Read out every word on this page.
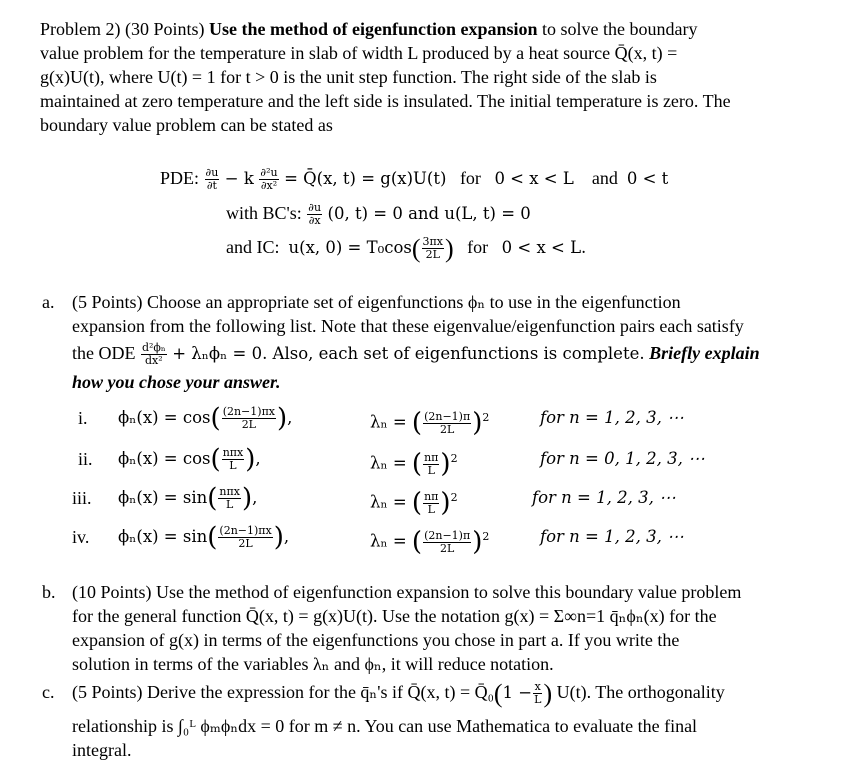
Problem 2) (30 Points) Use the method of eigenfunction expansion to solve the boundary
value problem for the temperature in slab of width L produced by a heat source Q̄(x, t) =
g(x)U(t), where U(t) = 1 for t > 0 is the unit step function. The right side of the slab is
maintained at zero temperature and the left side is insulated. The initial temperature is zero. The
boundary value problem can be stated as
PDE: $\frac{\partial u}{\partial t} - k \frac{\text{∂²u}}{\text{∂x²}}$ = Q̄(x, t) = g(x)U(t) for 0 < x < L and 0 < t
with BC's: $\frac{\partial u}{\partial x} (0$, t) = 0 and u(L, t) = 0
and IC: u(x, $0) = T_0\cos( \frac{3\pi x}{2L}$ ) for 0 < x < L.
a. (5 Points) Choose an appropriate set of eigenfunctions ϕₙ to use in the eigenfunction
expansion from the following list. Note that these eigenvalue/eigenfunction pairs each satisfy
the ODE $\frac{\text{d²ϕₙ}}{\text{dx²}} + \lambda_n\phi_n = 0$. Also, each set of eigenfunctions is complete. Briefly explain
how you chose your answer.
i. $\phi_n(x) = \cos( \frac{(2n-1)\pi x}{2L}$ ),	λₙ = ( $\frac{(2n-1)\pi}{2L} )^2$	for n = 1, 2, 3, ⋯
ii. $\phi_n(x) = \cos( \frac{\text{nπx}}{L}$ ),	λₙ = ( $\frac{n\pi}{L} )^2$	for n = 0, 1, 2, 3, ⋯
iii. $\phi_n(x) = \sin( \frac{\text{nπx}}{L}$ ),	λₙ = ( $\frac{n\pi}{L} )^2$	for n = 1, 2, 3, ⋯
iv. $\phi_n(x) = \sin( \frac{(2n-1)\pi x}{2L}$ ),	λₙ = ( $\frac{(2n-1)\pi}{2L} )^2$	for n = 1, 2, 3, ⋯
b. (10 Points) Use the method of eigenfunction expansion to solve this boundary value problem
for the general function Q̄(x, t) = g(x)U(t). Use the notation g(x) = Σ∞n=1 q̄ₙϕₙ(x) for the
expansion of g(x) in terms of the eigenfunctions you chose in part a. If you write the
solution in terms of the variables λₙ and ϕₙ, it will reduce notation.
c. (5 Points) Derive the expression for the q̄ₙ's if Q̄(x, t) = Q̄₀(1 − $\frac{x}{L}$ ) U(t). The orthogonality
relationship is ∫₀ᴸ ϕₘϕₙdx = 0 for m ≠ n. You can use Mathematica to evaluate the final
integral.
